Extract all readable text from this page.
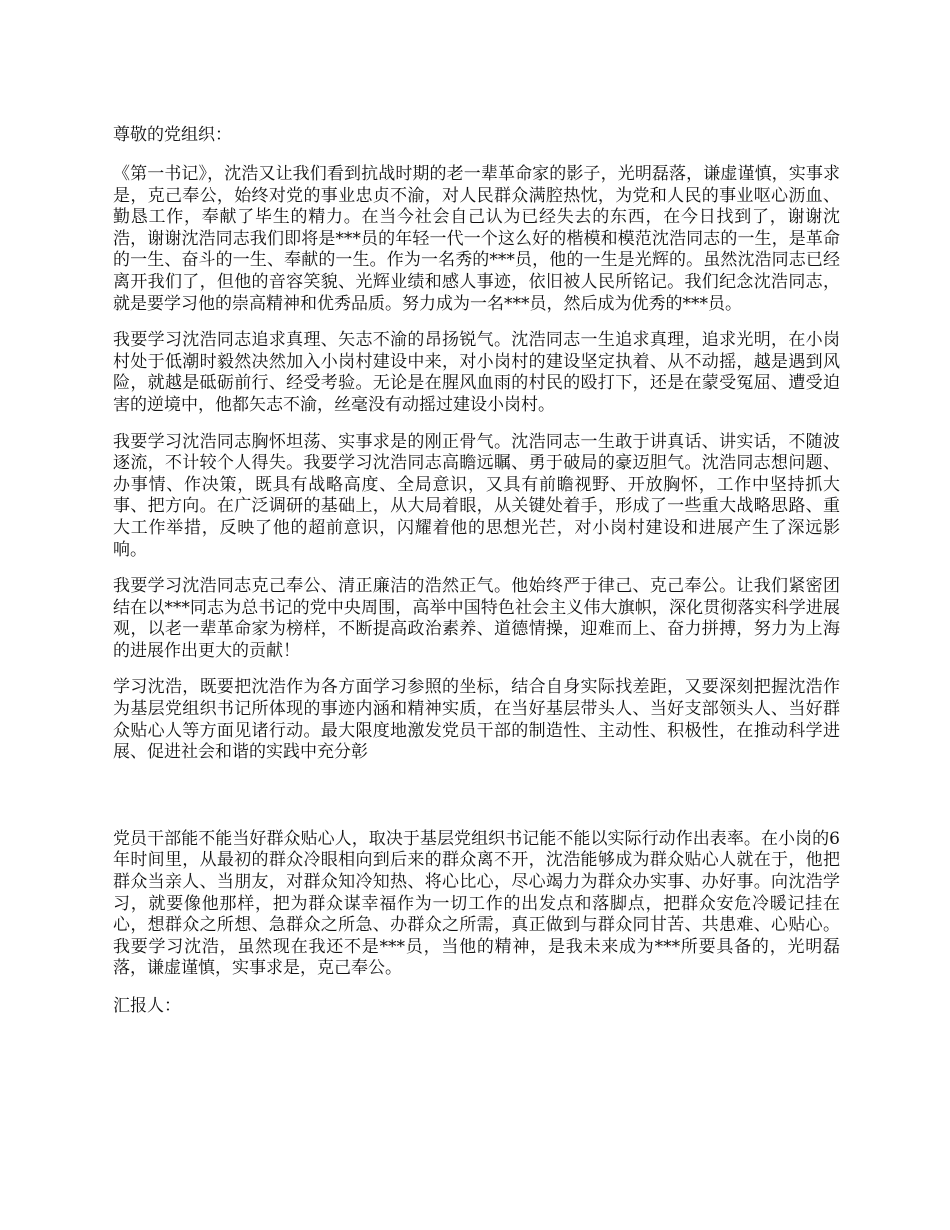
尊敬的党组织：

《第一书记》，沈浩又让我们看到抗战时期的老一辈革命家的影子，光明磊落，谦虚谨慎，实事求是，克己奉公，始终对党的事业忠贞不渝，对人民群众满腔热忱，为党和人民的事业呕心沥血、勤恳工作，奉献了毕生的精力。在当今社会自己认为已经失去的东西，在今日找到了，谢谢沈浩，谢谢沈浩同志我们即将是***员的年轻一代一个这么好的楷模和模范沈浩同志的一生，是革命的一生、奋斗的一生、奉献的一生。作为一名秀的***员，他的一生是光辉的。虽然沈浩同志已经离开我们了，但他的音容笑貌、光辉业绩和感人事迹，依旧被人民所铭记。我们纪念沈浩同志，就是要学习他的崇高精神和优秀品质。努力成为一名***员，然后成为优秀的***员。

我要学习沈浩同志追求真理、矢志不渝的昂扬锐气。沈浩同志一生追求真理，追求光明，在小岗村处于低潮时毅然决然加入小岗村建设中来，对小岗村的建设坚定执着、从不动摇，越是遇到风险，就越是砥砺前行、经受考验。无论是在腥风血雨的村民的殴打下，还是在蒙受冤屈、遭受迫害的逆境中，他都矢志不渝，丝毫没有动摇过建设小岗村。

我要学习沈浩同志胸怀坦荡、实事求是的刚正骨气。沈浩同志一生敢于讲真话、讲实话，不随波逐流，不计较个人得失。我要学习沈浩同志高瞻远瞩、勇于破局的豪迈胆气。沈浩同志想问题、办事情、作决策，既具有战略高度、全局意识，又具有前瞻视野、开放胸怀，工作中坚持抓大事、把方向。在广泛调研的基础上，从大局着眼，从关键处着手，形成了一些重大战略思路、重大工作举措，反映了他的超前意识，闪耀着他的思想光芒，对小岗村建设和进展产生了深远影响。

我要学习沈浩同志克己奉公、清正廉洁的浩然正气。他始终严于律己、克己奉公。让我们紧密团结在以***同志为总书记的党中央周围，高举中国特色社会主义伟大旗帜，深化贯彻落实科学进展观，以老一辈革命家为榜样，不断提高政治素养、道德情操，迎难而上、奋力拼搏，努力为上海的进展作出更大的贡献！

学习沈浩，既要把沈浩作为各方面学习参照的坐标，结合自身实际找差距，又要深刻把握沈浩作为基层党组织书记所体现的事迹内涵和精神实质，在当好基层带头人、当好支部领头人、当好群众贴心人等方面见诸行动。最大限度地激发党员干部的制造性、主动性、积极性，在推动科学进展、促进社会和谐的实践中充分彰

党员干部能不能当好群众贴心人，取决于基层党组织书记能不能以实际行动作出表率。在小岗的6年时间里，从最初的群众冷眼相向到后来的群众离不开，沈浩能够成为群众贴心人就在于，他把群众当亲人、当朋友，对群众知冷知热、将心比心，尽心竭力为群众办实事、办好事。向沈浩学习，就要像他那样，把为群众谋幸福作为一切工作的出发点和落脚点，把群众安危冷暖记挂在心，想群众之所想、急群众之所急、办群众之所需，真正做到与群众同甘苦、共患难、心贴心。我要学习沈浩，虽然现在我还不是***员，当他的精神，是我未来成为***所要具备的，光明磊落，谦虚谨慎，实事求是，克己奉公。

汇报人：
